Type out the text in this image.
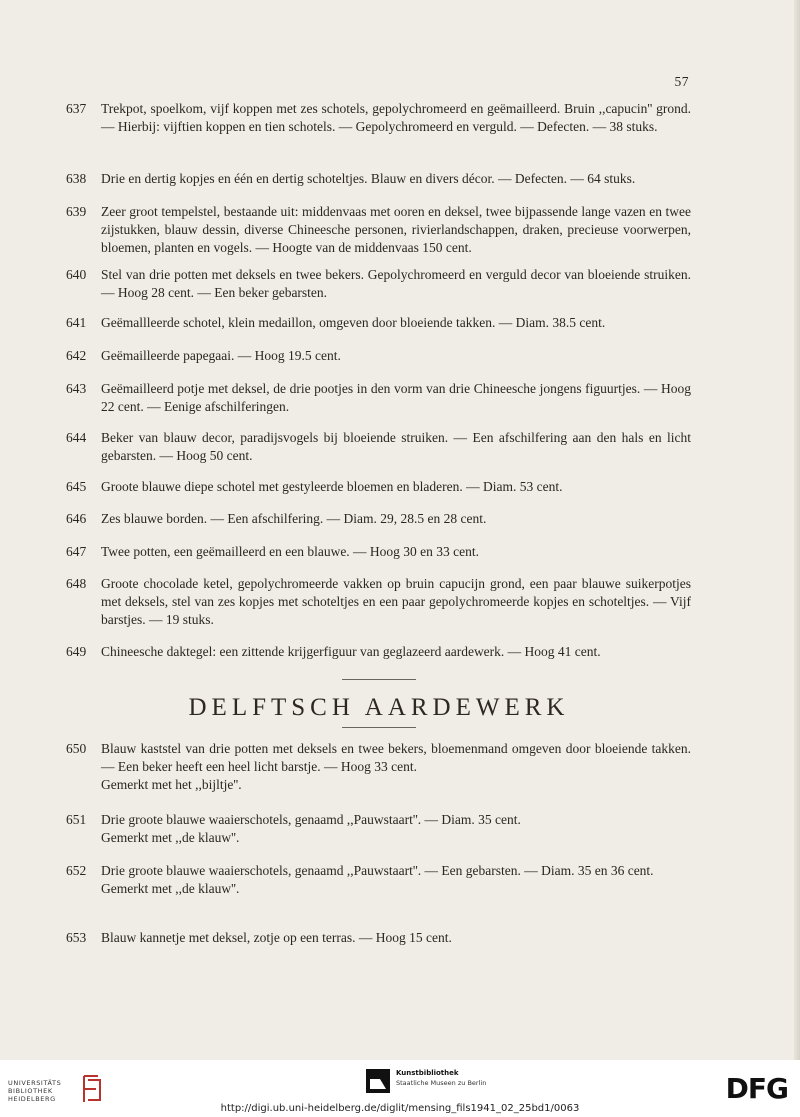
57
637	Trekpot, spoelkom, vijf koppen met zes schotels, gepolychromeerd en geëmailleerd. Bruin ,,capucin'' grond. — Hierbij: vijftien koppen en tien schotels. — Gepolychromeerd en verguld. — Defecten. — 38 stuks.

638	Drie en dertig kopjes en één en dertig schoteltjes. Blauw en divers décor. — Defecten. — 64 stuks.

639	Zeer groot tempelstel, bestaande uit: middenvaas met ooren en deksel, twee bijpassende lange vazen en twee zijstukken, blauw dessin, diverse Chineesche personen, rivierlandschappen, draken, precieuse voorwerpen, bloemen, planten en vogels. — Hoogte van de middenvaas 150 cent.

640	Stel van drie potten met deksels en twee bekers. Gepolychromeerd en verguld decor van bloeiende struiken. — Hoog 28 cent. — Een beker gebarsten.

641	Geëmallleerde schotel, klein medaillon, omgeven door bloeiende takken. — Diam. 38.5 cent.

642	Geëmailleerde papegaai. — Hoog 19.5 cent.

643	Geëmailleerd potje met deksel, de drie pootjes in den vorm van drie Chineesche jongens figuurtjes. — Hoog 22 cent. — Eenige afschilferingen.

644	Beker van blauw decor, paradijsvogels bij bloeiende struiken. — Een afschilfering aan den hals en licht gebarsten. — Hoog 50 cent.

645	Groote blauwe diepe schotel met gestyleerde bloemen en bladeren. — Diam. 53 cent.

646	Zes blauwe borden. — Een afschilfering. — Diam. 29, 28.5 en 28 cent.

647	Twee potten, een geëmailleerd en een blauwe. — Hoog 30 en 33 cent.

648	Groote chocolade ketel, gepolychromeerde vakken op bruin capucijn grond, een paar blauwe suikerpotjes met deksels, stel van zes kopjes met schoteltjes en een paar gepolychromeerde kopjes en schoteltjes. — Vijf barstjes. — 19 stuks.

649	Chineesche daktegel: een zittende krijgerfiguur van geglazeerd aardewerk. — Hoog 41 cent.

DELFTSCH AARDEWERK
650	Blauw kaststel van drie potten met deksels en twee bekers, bloemenmand omgeven door bloeiende takken. — Een beker heeft een heel licht barstje. — Hoog 33 cent.

Gemerkt met het ,,bijltje''.

651	Drie groote blauwe waaierschotels, genaamd ,,Pauwstaart''. — Diam. 35 cent.

Gemerkt met ,,de klauw''.

652	Drie groote blauwe waaierschotels, genaamd ,,Pauwstaart''. — Een gebarsten. — Diam. 35 en 36 cent.

Gemerkt met ,,de klauw''.

653	Blauw kannetje met deksel, zotje op een terras. — Hoog 15 cent.

UNIVERSITÄTS
BIBLIOTHEK
HEIDELBERG
Kunstbibliothek
Staatliche Museen zu Berlin	DFG
http://digi.ub.uni-heidelberg.de/diglit/mensing_fils1941_02_25bd1/0063
